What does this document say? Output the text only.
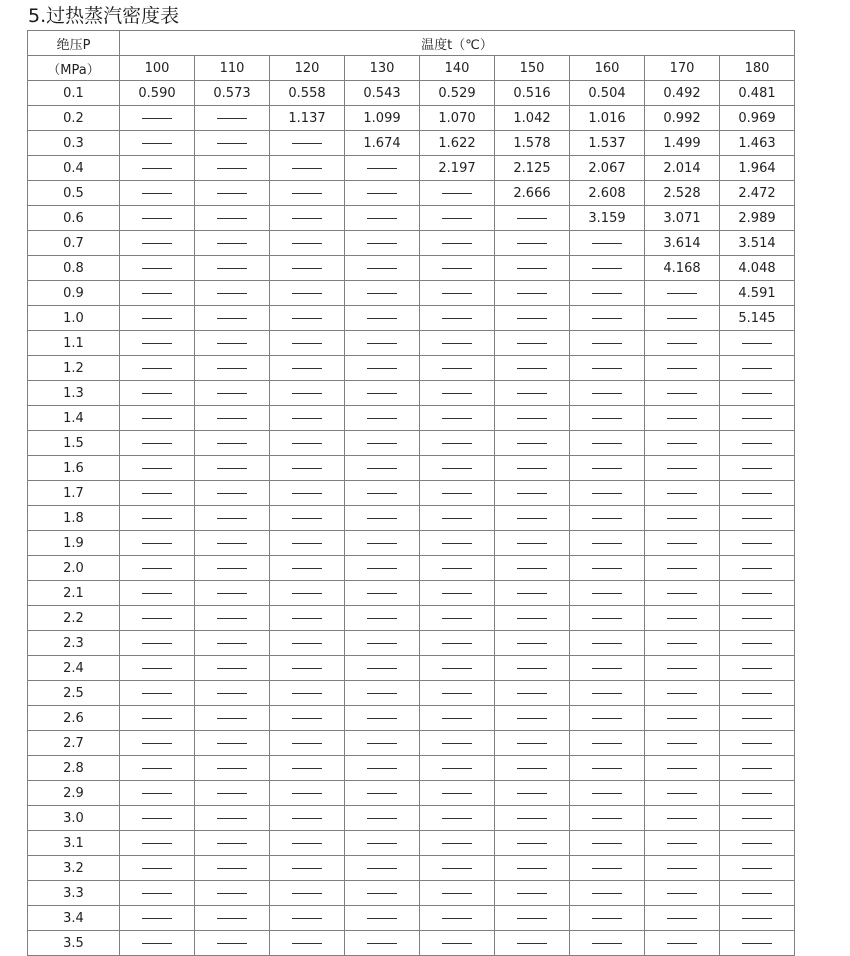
5.过热蒸汽密度表
绝压P	温度t（℃）								
（MPa）	100	110	120	130	140	150	160	170	180
0.1	0.590	0.573	0.558	0.543	0.529	0.516	0.504	0.492	0.481
0.2			1.137	1.099	1.070	1.042	1.016	0.992	0.969
0.3				1.674	1.622	1.578	1.537	1.499	1.463
0.4					2.197	2.125	2.067	2.014	1.964
0.5						2.666	2.608	2.528	2.472
0.6							3.159	3.071	2.989
0.7								3.614	3.514
0.8								4.168	4.048
0.9									4.591
1.0									5.145
1.1									
1.2									
1.3									
1.4									
1.5									
1.6									
1.7									
1.8									
1.9									
2.0									
2.1									
2.2									
2.3									
2.4									
2.5									
2.6									
2.7									
2.8									
2.9									
3.0									
3.1									
3.2									
3.3									
3.4									
3.5									
